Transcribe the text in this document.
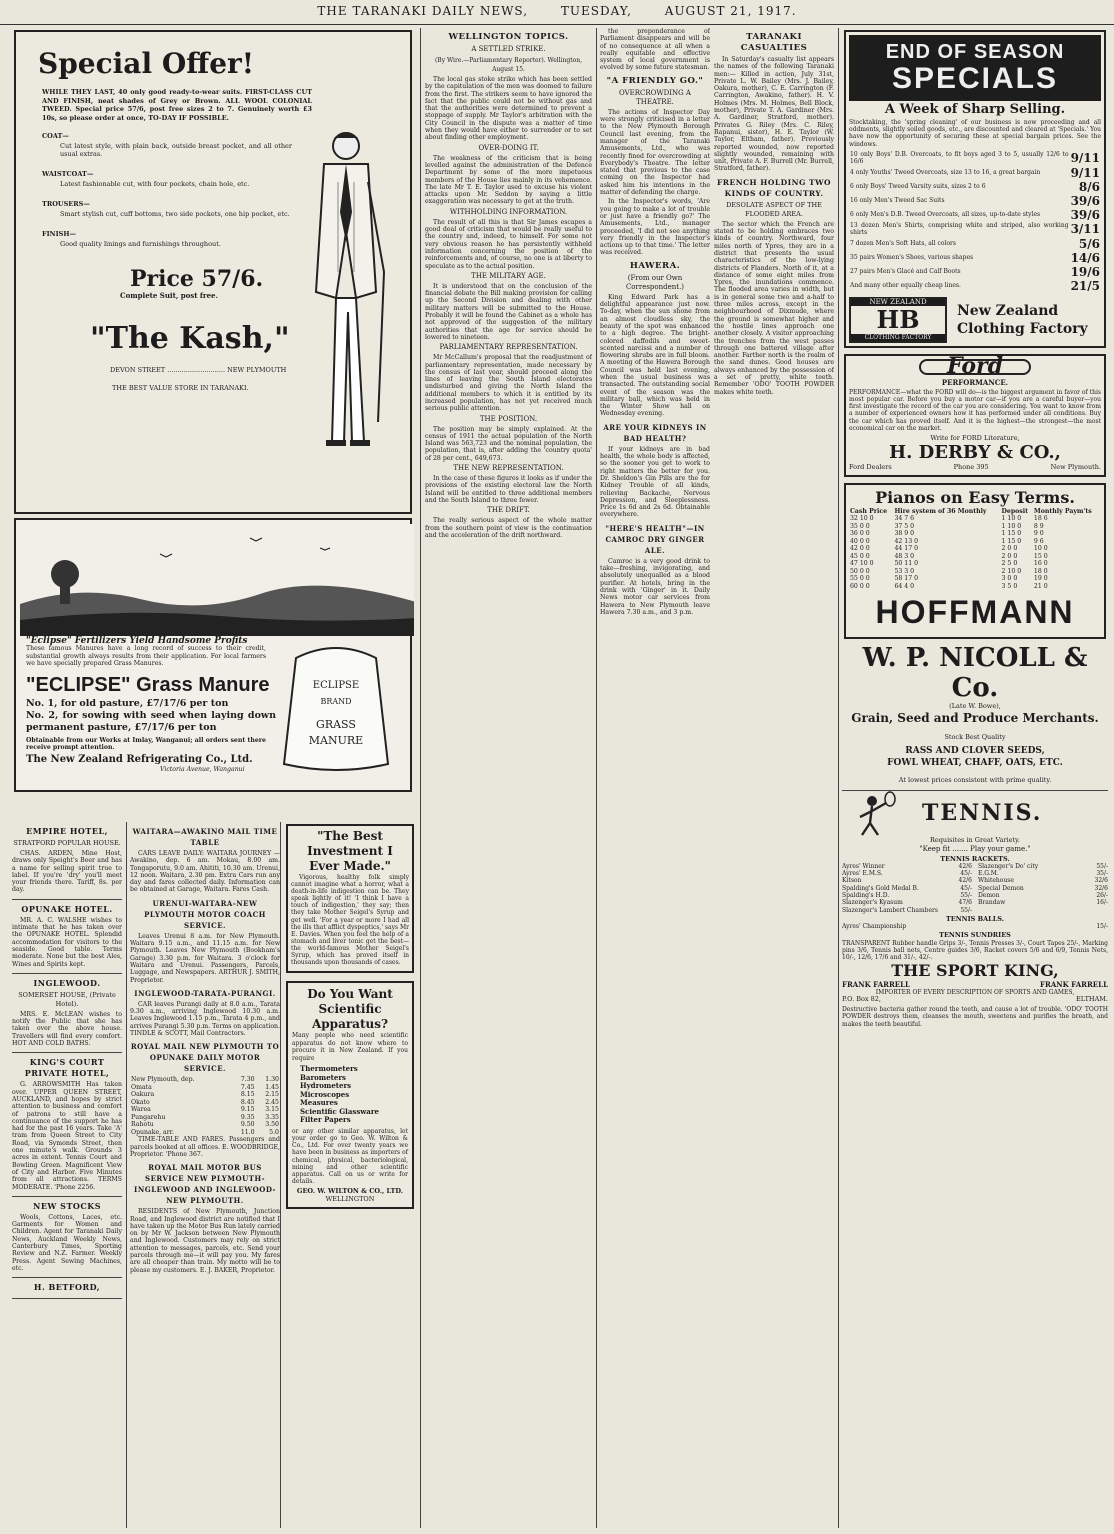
THE TARANAKI DAILY NEWS,	TUESDAY,	AUGUST 21, 1917.
Special Offer!
WHILE THEY LAST, 40 only good ready-to-wear suits. FIRST-CLASS CUT AND FINISH, neat shades of Grey or Brown. ALL WOOL COLONIAL TWEED. Special price 57/6, post free sizes 2 to 7. Genuinely worth £3 10s, so please order at once, TO-DAY IF POSSIBLE.
COAT—
Cut latest style, with plain back, outside breast pocket, and all other usual extras.
WAISTCOAT—
Latest fashionable cut, with four pockets, chain hole, etc.
TROUSERS—
Smart stylish cut, cuff bottoms, two side pockets, one hip pocket, etc.
FINISH—
Good quality linings and furnishings throughout.
Price 57/6.
Complete Suit, post free.
"The Kash,"
DEVON STREET ............................ NEW PLYMOUTH
THE BEST VALUE STORE IN TARANAKI.
"Eclipse" Fertilizers Yield Handsome Profits
These famous Manures have a long record of success to their credit, substantial growth always results from their application. For local farmers we have specially prepared Grass Manures.
"ECLIPSE" Grass Manure
No. 1, for old pasture, £7/17/6 per ton
No. 2, for sowing with seed when laying down permanent pasture, £7/17/6 per ton
Obtainable from our Works at Imlay, Wanganui; all orders sent there receive prompt attention.
The New Zealand Refrigerating Co., Ltd.
Victoria Avenue, Wanganui
ECLIPSE
BRAND
GRASS
MANURE
EMPIRE HOTEL,
STRATFORD POPULAR HOUSE.

CHAS. ARDEN, Mine Host, draws only Speight's Beer and has a name for selling spirit true to label. If you're 'dry' you'll meet your friends there. Tariff, 8s. per day.

OPUNAKE HOTEL.

MR. A. C. WALSHE wishes to intimate that he has taken over the OPUNAKE HOTEL. Splendid accommodation for visitors to the seaside. Good table. Terms moderate. None but the best Ales, Wines and Spirits kept.

INGLEWOOD.
SOMERSET HOUSE, (Private Hotel).

MRS. E. McLEAN wishes to notify the Public that she has taken over the above house. Travellers will find every comfort. HOT AND COLD BATHS.

KING'S COURT PRIVATE HOTEL,

G. ARROWSMITH Has taken over. UPPER QUEEN STREET, AUCKLAND, and hopes by strict attention to business and comfort of patrons to still have a continuance of the support he has had for the past 16 years. Take 'A' tram from Queen Street to City Road, via Symonds Street, then one minute's walk. Grounds 3 acres in extent. Tennis Court and Bowling Green. Magnificent View of City and Harbor. Five Minutes from all attractions. TERMS MODERATE. 'Phone 2256.

NEW STOCKS

Wools, Cottons, Laces, etc. Garments for Women and Children. Agent for Taranaki Daily News, Auckland Weekly News, Canterbury Times, Sporting Review and N.Z. Farmer. Weekly Press. Agent Sewing Machines, etc.

H. BETFORD,

WAITARA—AWAKINO MAIL TIME TABLE

CARS LEAVE DAILY: WAITARA JOURNEY — Awakino, dep. 6 am. Mokau, 8.00 am. Tongaporutu, 9.0 am. Ahititi, 10.30 am. Urenui, 12 noon. Waitara, 2.30 pm. Extra Cars run any day and fares collected daily. Information can be obtained at Garage, Waitara. Fares Cash.

URENUI-WAITARA-NEW PLYMOUTH MOTOR COACH SERVICE.

Leaves Urenui 8 a.m. for New Plymouth. Waitara 9.15 a.m., and 11.15 a.m. for New Plymouth. Leaves New Plymouth (Bookham's Garage) 3.30 p.m. for Waitara. 3 o'clock for Waitara and Urenui. Passengers, Parcels, Luggage, and Newspapers. ARTHUR J. SMITH, Proprietor.

INGLEWOOD-TARATA-PURANGI.

CAR leaves Purangi daily at 8.0 a.m., Tarata 9.30 a.m., arriving Inglewood 10.30 a.m. Leaves Inglewood 1.15 p.m., Tarata 4 p.m., and arrives Purangi 5.30 p.m. Terms on application. TINDLE & SCOTT, Mail Contractors.

ROYAL MAIL NEW PLYMOUTH TO OPUNAKE DAILY MOTOR SERVICE.
New Plymouth, dep.	7.30	1.30
Omata	7.45	1.45
Oakura	8.15	2.15
Okato	8.45	2.45
Warea	9.15	3.15
Pungarehu	9.35	3.35
Rahotu	9.50	3.50
Opunake, arr.	11.0	5.0

TIME-TABLE AND FARES. Passengers and parcels booked at all offices. E. WOODBRIDGE, Proprietor. 'Phone 367.

ROYAL MAIL MOTOR BUS SERVICE NEW PLYMOUTH-INGLEWOOD AND INGLEWOOD-NEW PLYMOUTH.

RESIDENTS of New Plymouth, Junction Road, and Inglewood district are notified that I have taken up the Motor Bus Run lately carried on by Mr W. Jackson between New Plymouth and Inglewood. Customers may rely on strict attention to messages, parcels, etc. Send your parcels through me—it will pay you. My fares are all cheaper than train. My motto will be to please my customers. E. J. BAKER, Proprietor.

"The Best Investment I Ever Made."

Vigorous, healthy folk simply cannot imagine what a horror, what a death-in-life indigestion can be. They speak lightly of it! 'I think I have a touch of indigestion,' they say; then they take Mother Seigel's Syrup and get well. 'For a year or more I had all the ills that afflict dyspeptics,' says Mr E. Davies. When you feel the help of a stomach and liver tonic get the best—the world-famous Mother Seigel's Syrup, which has proved itself in thousands upon thousands of cases.

Do You Want Scientific Apparatus?
Many people who need scientific apparatus do not know where to procure it in New Zealand. If you require
Thermometers
Barometers
Hydrometers
Microscopes
Measures
Scientific Glassware
Filter Papers
or any other similar apparatus, let your order go to Geo. W. Wilton & Co., Ltd. For over twenty years we have been in business as importers of chemical, physical, bacteriological, mining and other scientific apparatus. Call on us or write for details.
GEO. W. WILTON & CO., LTD.
WELLINGTON
WELLINGTON TOPICS.
A SETTLED STRIKE.
(By Wire.—Parliamentary Reporter). Wellington, August 15.

The local gas stoke strike which has been settled by the capitulation of the men was doomed to failure from the first. The strikers seem to have ignored the fact that the public could not be without gas and that the authorities were determined to prevent a stoppage of supply. Mr Taylor's arbitration with the City Council in the dispute was a matter of time when they would have either to surrender or to set about finding other employment.

OVER-DOING IT.

The weakness of the criticism that is being levelled against the administration of the Defence Department by some of the more impetuous members of the House lies mainly in its vehemence. The late Mr T. E. Taylor used to excuse his violent attacks upon Mr. Seddon by saying a little exaggeration was necessary to get at the truth.

WITHHOLDING INFORMATION.

The result of all this is that Sir James escapes a good deal of criticism that would be really useful to the country and, indeed, to himself. For some not very obvious reason he has persistently withheld information concerning the position of the reinforcements and, of course, no one is at liberty to speculate as to the actual position.

THE MILITARY AGE.

It is understood that on the conclusion of the financial debate the Bill making provision for calling up the Second Division and dealing with other military matters will be submitted to the House. Probably it will be found the Cabinet as a whole has not approved of the suggestion of the military authorities that the age for service should be lowered to nineteen.

PARLIAMENTARY REPRESENTATION.

Mr McCallum's proposal that the readjustment of parliamentary representation, made necessary by the census of last year, should proceed along the lines of leaving the South Island electorates undisturbed and giving the North Island the additional members to which it is entitled by its increased population, has not yet received much serious public attention.

THE POSITION.

The position may be simply explained. At the census of 1911 the actual population of the North Island was 563,723 and the nominal population, the population, that is, after adding the 'country quota' of 28 per cent., 649,673.

THE NEW REPRESENTATION.

In the case of these figures it looks as if under the provisions of the existing electoral law the North Island will be entitled to three additional members and the South Island to three fewer.

THE DRIFT.

The really serious aspect of the whole matter from the southern point of view is the continuation and the acceleration of the drift northward.

the preponderance of Parliament disappears and will be of no consequence at all when a really equitable and effective system of local government is evolved by some future statesman.

"A FRIENDLY GO."
OVERCROWDING A THEATRE.

The actions of Inspector Day were strongly criticised in a letter to the New Plymouth Borough Council last evening, from the manager of the Taranaki Amusements, Ltd., who was recently fined for overcrowding at Everybody's Theatre. The letter stated that previous to the case coming on the Inspector had asked him his intentions in the matter of defending the charge.

In the Inspector's words, 'Are you going to make a lot of trouble or just have a friendly go?' The Amusements, Ltd., manager proceeded, 'I did not see anything very friendly in the Inspector's actions up to that time.' The letter was received.

HAWERA.
(From our Own Correspondent.)

King Edward Park has a delightful appearance just now. To-day, when the sun shone from an almost cloudless sky, the beauty of the spot was enhanced to a high degree. The bright-colored daffodils and sweet-scented narcissi and a number of flowering shrubs are in full bloom. A meeting of the Hawera Borough Council was held last evening, when the usual business was transacted. The outstanding social event of the season was the military ball, which was held in the Winter Show hall on Wednesday evening.

ARE YOUR KIDNEYS IN BAD HEALTH?

If your kidneys are in bad health, the whole body is affected, so the sooner you get to work to right matters the better for you. Dr. Sheldon's Gin Pills are the for Kidney Trouble of all kinds, relieving Backache, Nervous Depression, and Sleeplessness. Price 1s 6d and 2s 6d. Obtainable everywhere.

"HERE'S HEALTH"—IN CAMROC DRY GINGER ALE.

Camroc is a very good drink to take—freshing, invigorating, and absolutely unequalled as a blood purifier. At hotels, bring in the drink with 'Ginger' in it. Daily News motor car services from Hawera to New Plymouth leave Hawera 7.30 a.m., and 3 p.m.

TARANAKI CASUALTIES

In Saturday's casualty list appears the names of the following Taranaki men:— Killed in action, July 31st, Private L. W. Bailey (Mrs. J. Bailey, Oakura, mother), C. E. Carrington (F. Carrington, Awakino, father). H. V. Holmes (Mrs. M. Holmes, Bell Block, mother), Private T. A. Gardiner (Mrs. A. Gardiner, Stratford, mother). Privates G. Riley (Mrs. C. Riley, Rapanui, sister), H. E. Taylor (W. Taylor, Eltham, father). Previously reported wounded, now reported slightly wounded, remaining with unit, Private A. F. Burrell (Mr. Burrell, Stratford, father).

FRENCH HOLDING TWO KINDS OF COUNTRY.
DESOLATE ASPECT OF THE FLOODED AREA.

The sector which the French are stated to be holding embraces two kinds of country. Northward, four miles north of Ypres, they are in a district that presents the usual characteristics of the low-lying districts of Flanders. North of it, at a distance of some eight miles from Ypres, the inundations commence. The flooded area varies in width, but is in general some two and a-half to three miles across, except in the neighbourhood of Dixmude, where the ground is somewhat higher and the hostile lines approach one another closely. A visitor approaching the trenches from the west passes through one battered village after another. Farther north is the realm of the sand dunes. Good houses are always enhanced by the possession of a set of pretty, white teeth. Remember 'ODO' TOOTH POWDER makes white teeth.

END OF SEASON
SPECIALS
A Week of Sharp Selling.
Stocktaking, the 'spring cleaning' of our business is now proceeding and all oddments, slightly soiled goods, etc., are discounted and cleared at 'Specials.' You have now the opportunity of securing these at special bargain prices. See the windows.
10 only Boys' D.B. Overcoats, to fit boys aged 3 to 5, usually 12/6 to 16/6	9/11
4 only Youths' Tweed Overcoats, size 13 to 16, a great bargain	9/11
6 only Boys' Tweed Varsity suits, sizes 2 to 6	8/6
16 only Men's Tweed Sac Suits	39/6
6 only Men's D.B. Tweed Overcoats, all sizes, up-to-date styles	39/6
13 dozen Men's Shirts, comprising white and striped, also working shirts	3/11
7 dozen Men's Soft Hats, all colors	5/6
35 pairs Women's Shoes, various shapes	14/6
27 pairs Men's Glacé and Calf Boots	19/6
And many other equally cheap lines.	21/5
NEW ZEALAND
HB
CLOTHING FACTORY
New Zealand
Clothing Factory
Ford
PERFORMANCE.
PERFORMANCE—what the FORD will do—is the biggest argument in favor of this most popular car. Before you buy a motor car—if you are a careful buyer—you first investigate the record of the car you are considering. You want to know from a number of experienced owners how it has performed under all conditions. Buy the car which has proved itself. And it is the highest—the strongest—the most economical car on the market.
Write for FORD Literature,
H. DERBY & CO.,
Ford Dealers	Phone 395	New Plymouth.
Pianos on Easy Terms.
Cash Price	Hire system of 36 Monthly	Deposit	Monthly Paym'ts
32 10 0	34 7 6	1 10 0	18 6
35 0 0	37 5 0	1 10 0	8 9
36 0 0	38 9 0	1 15 0	9 0
40 0 0	42 13 0	1 15 0	9 6
42 0 0	44 17 0	2 0 0	10 0
45 0 0	48 3 0	2 0 0	15 0
47 10 0	50 11 0	2 5 0	16 0
50 0 0	53 3 0	2 10 0	18 0
55 0 0	58 17 0	3 0 0	19 0
60 0 0	64 4 0	3 5 0	21 0
HOFFMANN
W. P. NICOLL & Co.
(Late W. Bowe),
Grain, Seed and Produce Merchants.
Stock Best Quality
RASS AND CLOVER SEEDS,
FOWL WHEAT, CHAFF, OATS, ETC.
At lowest prices consistent with prime quality.
TENNIS.
Requisites in Great Variety.
"Keep fit ....... Play your game."
TENNIS RACKETS.
Ayres' Winner	42/6
Ayres' E.M.S.	45/-
Kitson	42/6
Spalding's Gold Medal B.	45/-
Spalding's H.D.	55/-
Slazenger's Kyasum	47/6
Slazenger's Lambert Chambers	55/-
Slazenger's Do' city	55/-
E.G.M.	35/-
Whitehouse	32/6
Special Demon	32/6
Demon	26/-
Brandaw	16/-
TENNIS BALLS.
Ayres' Championship	15/-
TENNIS SUNDRIES
TRANSPARENT Rubber handle Grips 3/-, Tennis Presses 3/-, Court Tapes 25/-, Marking pins 3/6, Tennis ball nets, Centre guides 3/6, Racket covers 5/6 and 6/9, Tennis Nets, 10/-, 12/6, 17/6 and 31/-, 42/-.
THE SPORT KING,
FRANK FARRELL	FRANK FARRELL
IMPORTER OF EVERY DESCRIPTION OF SPORTS AND GAMES,
P.O. Box 82,	ELTHAM.
Destructive bacteria gather round the teeth, and cause a lot of trouble. 'ODO' TOOTH POWDER destroys them, cleanses the mouth, sweetens and purifies the breath, and makes the teeth beautiful.
